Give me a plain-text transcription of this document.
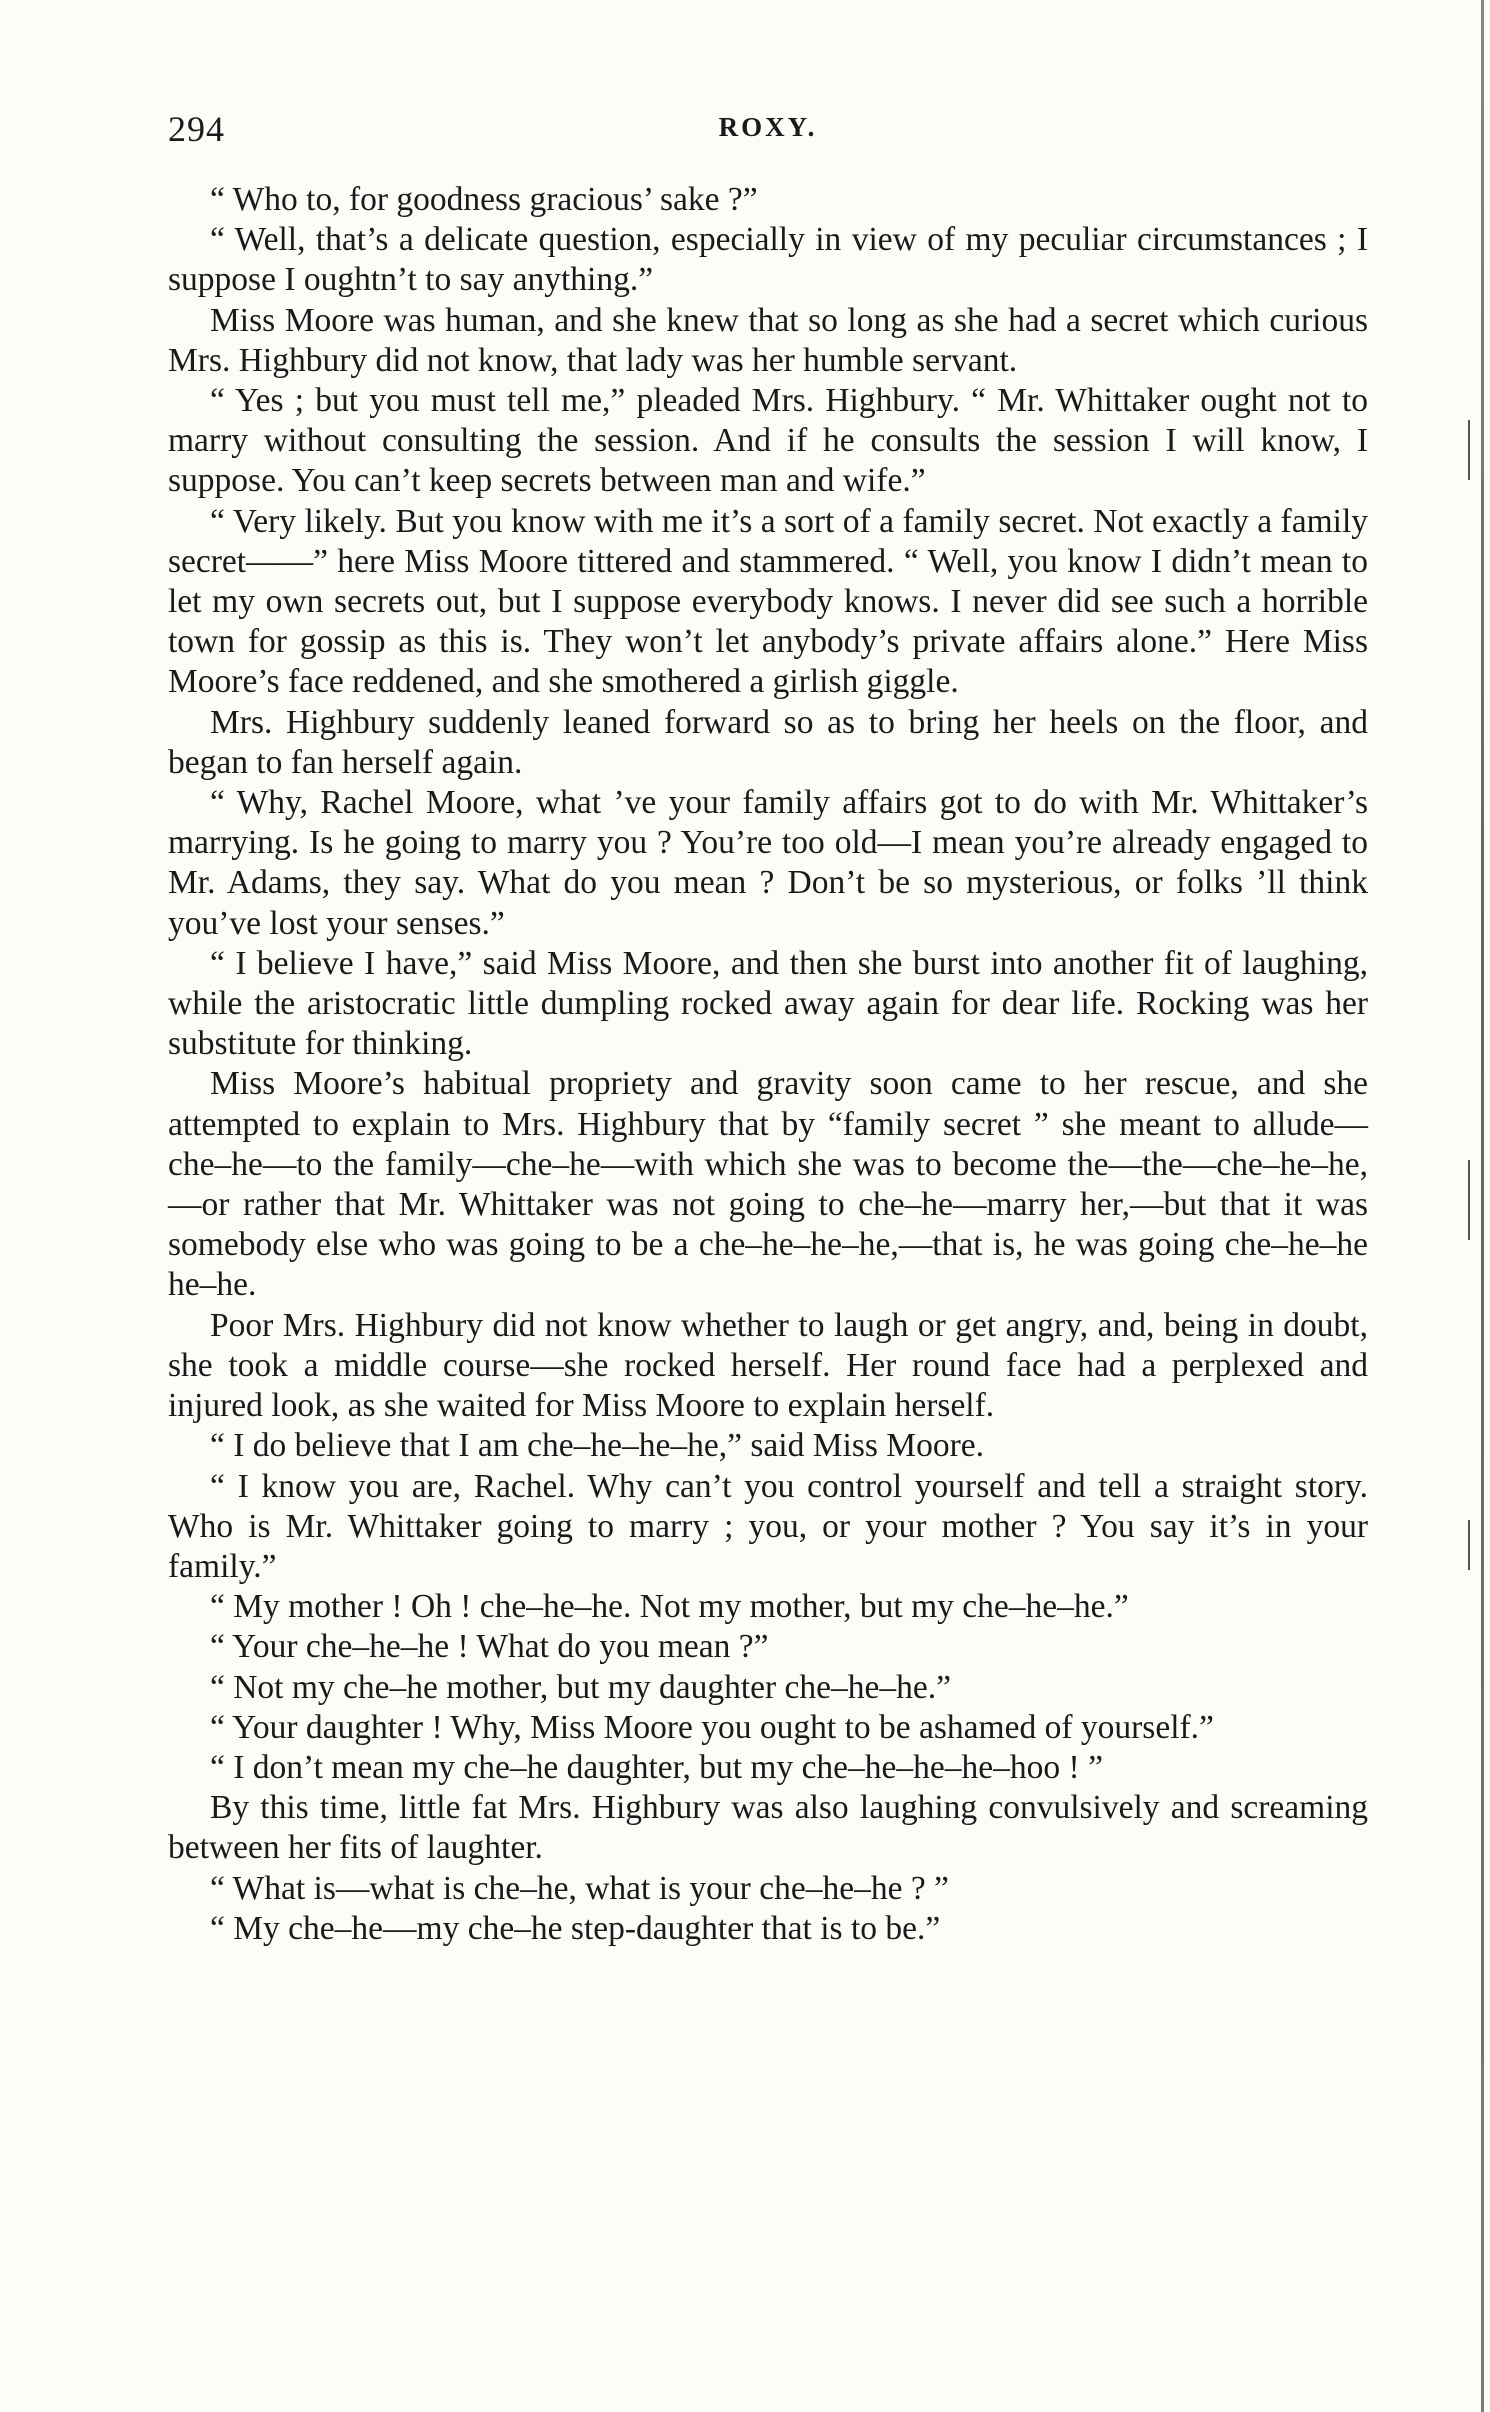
294	ROXY.

“ Who to, for goodness gracious’ sake ?”

“ Well, that’s a delicate question, especially in view of my peculiar circumstances ; I suppose I oughtn’t to say anything.”

Miss Moore was human, and she knew that so long as she had a secret which curious Mrs. Highbury did not know, that lady was her humble servant.

“ Yes ; but you must tell me,” pleaded Mrs. Highbury. “ Mr. Whittaker ought not to marry without consulting the session. And if he consults the session I will know, I suppose. You can’t keep secrets between man and wife.”

“ Very likely. But you know with me it’s a sort of a family secret. Not exactly a family secret——” here Miss Moore tittered and stammered. “ Well, you know I didn’t mean to let my own secrets out, but I suppose everybody knows. I never did see such a horrible town for gossip as this is. They won’t let anybody’s private affairs alone.” Here Miss Moore’s face reddened, and she smothered a girlish giggle.

Mrs. Highbury suddenly leaned forward so as to bring her heels on the floor, and began to fan herself again.

“ Why, Rachel Moore, what ’ve your family affairs got to do with Mr. Whittaker’s marrying. Is he going to marry you ? You’re too old—I mean you’re already engaged to Mr. Adams, they say. What do you mean ? Don’t be so mysterious, or folks ’ll think you’ve lost your senses.”

“ I believe I have,” said Miss Moore, and then she burst into another fit of laughing, while the aristocratic little dumpling rocked away again for dear life. Rocking was her substitute for thinking.

Miss Moore’s habitual propriety and gravity soon came to her rescue, and she attempted to explain to Mrs. Highbury that by “family secret ” she meant to allude—che–he—to the family—che–he—with which she was to become the—the—che–he–he,—or rather that Mr. Whittaker was not going to che–he—marry her,—but that it was somebody else who was going to be a che–he–he–he,—that is, he was going che–he–he he–he.

Poor Mrs. Highbury did not know whether to laugh or get angry, and, being in doubt, she took a middle course—she rocked herself. Her round face had a perplexed and injured look, as she waited for Miss Moore to explain herself.

“ I do believe that I am che–he–he–he,” said Miss Moore.

“ I know you are, Rachel. Why can’t you control yourself and tell a straight story. Who is Mr. Whittaker going to marry ; you, or your mother ? You say it’s in your family.”

“ My mother ! Oh ! che–he–he. Not my mother, but my che–he–he.”

“ Your che–he–he ! What do you mean ?”

“ Not my che–he mother, but my daughter che–he–he.”

“ Your daughter ! Why, Miss Moore you ought to be ashamed of yourself.”

“ I don’t mean my che–he daughter, but my che–he–he–he–hoo ! ”

By this time, little fat Mrs. Highbury was also laughing convulsively and screaming between her fits of laughter.

“ What is—what is che–he, what is your che–he–he ? ”

“ My che–he—my che–he step-daughter that is to be.”
